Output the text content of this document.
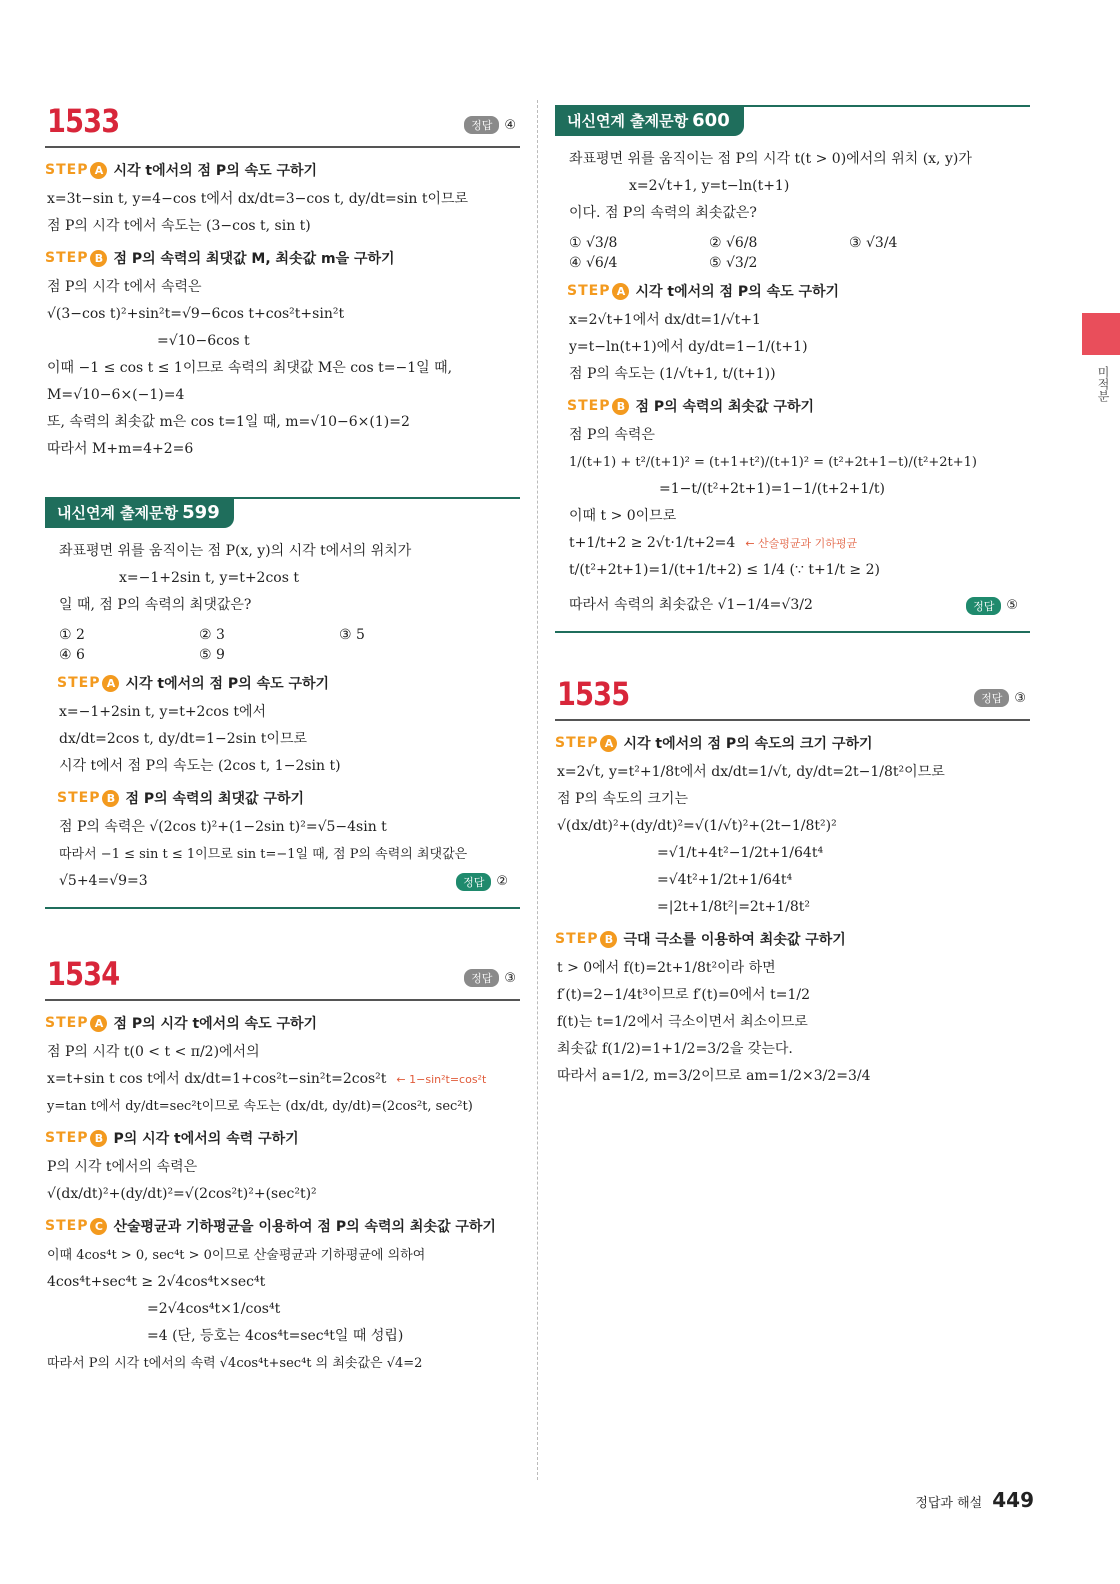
1533	정답 ④
STEP A 시각 t에서의 점 P의 속도 구하기
x=3t−sin t, y=4−cos t에서 dx/dt=3−cos t, dy/dt=sin t이므로
점 P의 시각 t에서 속도는 (3−cos t, sin t)
STEP B 점 P의 속력의 최댓값 M, 최솟값 m을 구하기
점 P의 시각 t에서 속력은
√(3−cos t)²+sin²t=√9−6cos t+cos²t+sin²t
=√10−6cos t
이때 −1 ≤ cos t ≤ 1이므로 속력의 최댓값 M은 cos t=−1일 때,
M=√10−6×(−1)=4
또, 속력의 최솟값 m은 cos t=1일 때, m=√10−6×(1)=2
따라서 M+m=4+2=6
내신연계 출제문항 599
좌표평면 위를 움직이는 점 P(x, y)의 시각 t에서의 위치가
x=−1+2sin t, y=t+2cos t
일 때, 점 P의 속력의 최댓값은?
① 2	② 3	③ 5
④ 6	⑤ 9
STEP A 시각 t에서의 점 P의 속도 구하기
x=−1+2sin t, y=t+2cos t에서
dx/dt=2cos t, dy/dt=1−2sin t이므로
시각 t에서 점 P의 속도는 (2cos t, 1−2sin t)
STEP B 점 P의 속력의 최댓값 구하기
점 P의 속력은 √(2cos t)²+(1−2sin t)²=√5−4sin t
따라서 −1 ≤ sin t ≤ 1이므로 sin t=−1일 때, 점 P의 속력의 최댓값은
√5+4=√9=3	정답 ②
1534	정답 ③
STEP A 점 P의 시각 t에서의 속도 구하기
점 P의 시각 t(0 < t < π/2)에서의
x=t+sin t cos t에서 dx/dt=1+cos²t−sin²t=2cos²t ← 1−sin²t=cos²t
y=tan t에서 dy/dt=sec²t이므로 속도는 (dx/dt, dy/dt)=(2cos²t, sec²t)
STEP B P의 시각 t에서의 속력 구하기
P의 시각 t에서의 속력은
√(dx/dt)²+(dy/dt)²=√(2cos²t)²+(sec²t)²
STEP C 산술평균과 기하평균을 이용하여 점 P의 속력의 최솟값 구하기
이때 4cos⁴t > 0, sec⁴t > 0이므로 산술평균과 기하평균에 의하여
4cos⁴t+sec⁴t ≥ 2√4cos⁴t×sec⁴t
=2√4cos⁴t×1/cos⁴t
=4 (단, 등호는 4cos⁴t=sec⁴t일 때 성립)
따라서 P의 시각 t에서의 속력 √4cos⁴t+sec⁴t 의 최솟값은 √4=2
내신연계 출제문항 600
좌표평면 위를 움직이는 점 P의 시각 t(t > 0)에서의 위치 (x, y)가
x=2√t+1, y=t−ln(t+1)
이다. 점 P의 속력의 최솟값은?
① √3/8	② √6/8	③ √3/4
④ √6/4	⑤ √3/2
STEP A 시각 t에서의 점 P의 속도 구하기
x=2√t+1에서 dx/dt=1/√t+1
y=t−ln(t+1)에서 dy/dt=1−1/(t+1)
점 P의 속도는 (1/√t+1, t/(t+1))
STEP B 점 P의 속력의 최솟값 구하기
점 P의 속력은
1/(t+1) + t²/(t+1)² = (t+1+t²)/(t+1)² = (t²+2t+1−t)/(t²+2t+1)
=1−t/(t²+2t+1)=1−1/(t+2+1/t)
이때 t > 0이므로
t+1/t+2 ≥ 2√t·1/t+2=4 ← 산술평균과 기하평균
t/(t²+2t+1)=1/(t+1/t+2) ≤ 1/4 (∵ t+1/t ≥ 2)
따라서 속력의 최솟값은 √1−1/4=√3/2	정답 ⑤
1535	정답 ③
STEP A 시각 t에서의 점 P의 속도의 크기 구하기
x=2√t, y=t²+1/8t에서 dx/dt=1/√t, dy/dt=2t−1/8t²이므로
점 P의 속도의 크기는
√(dx/dt)²+(dy/dt)²=√(1/√t)²+(2t−1/8t²)²
=√1/t+4t²−1/2t+1/64t⁴
=√4t²+1/2t+1/64t⁴
=|2t+1/8t²|=2t+1/8t²
STEP B 극대 극소를 이용하여 최솟값 구하기
t > 0에서 f(t)=2t+1/8t²이라 하면
f′(t)=2−1/4t³이므로 f′(t)=0에서 t=1/2
f(t)는 t=1/2에서 극소이면서 최소이므로
최솟값 f(1/2)=1+1/2=3/2을 갖는다.
따라서 a=1/2, m=3/2이므로 am=1/2×3/2=3/4
미적분
정답과 해설 449
